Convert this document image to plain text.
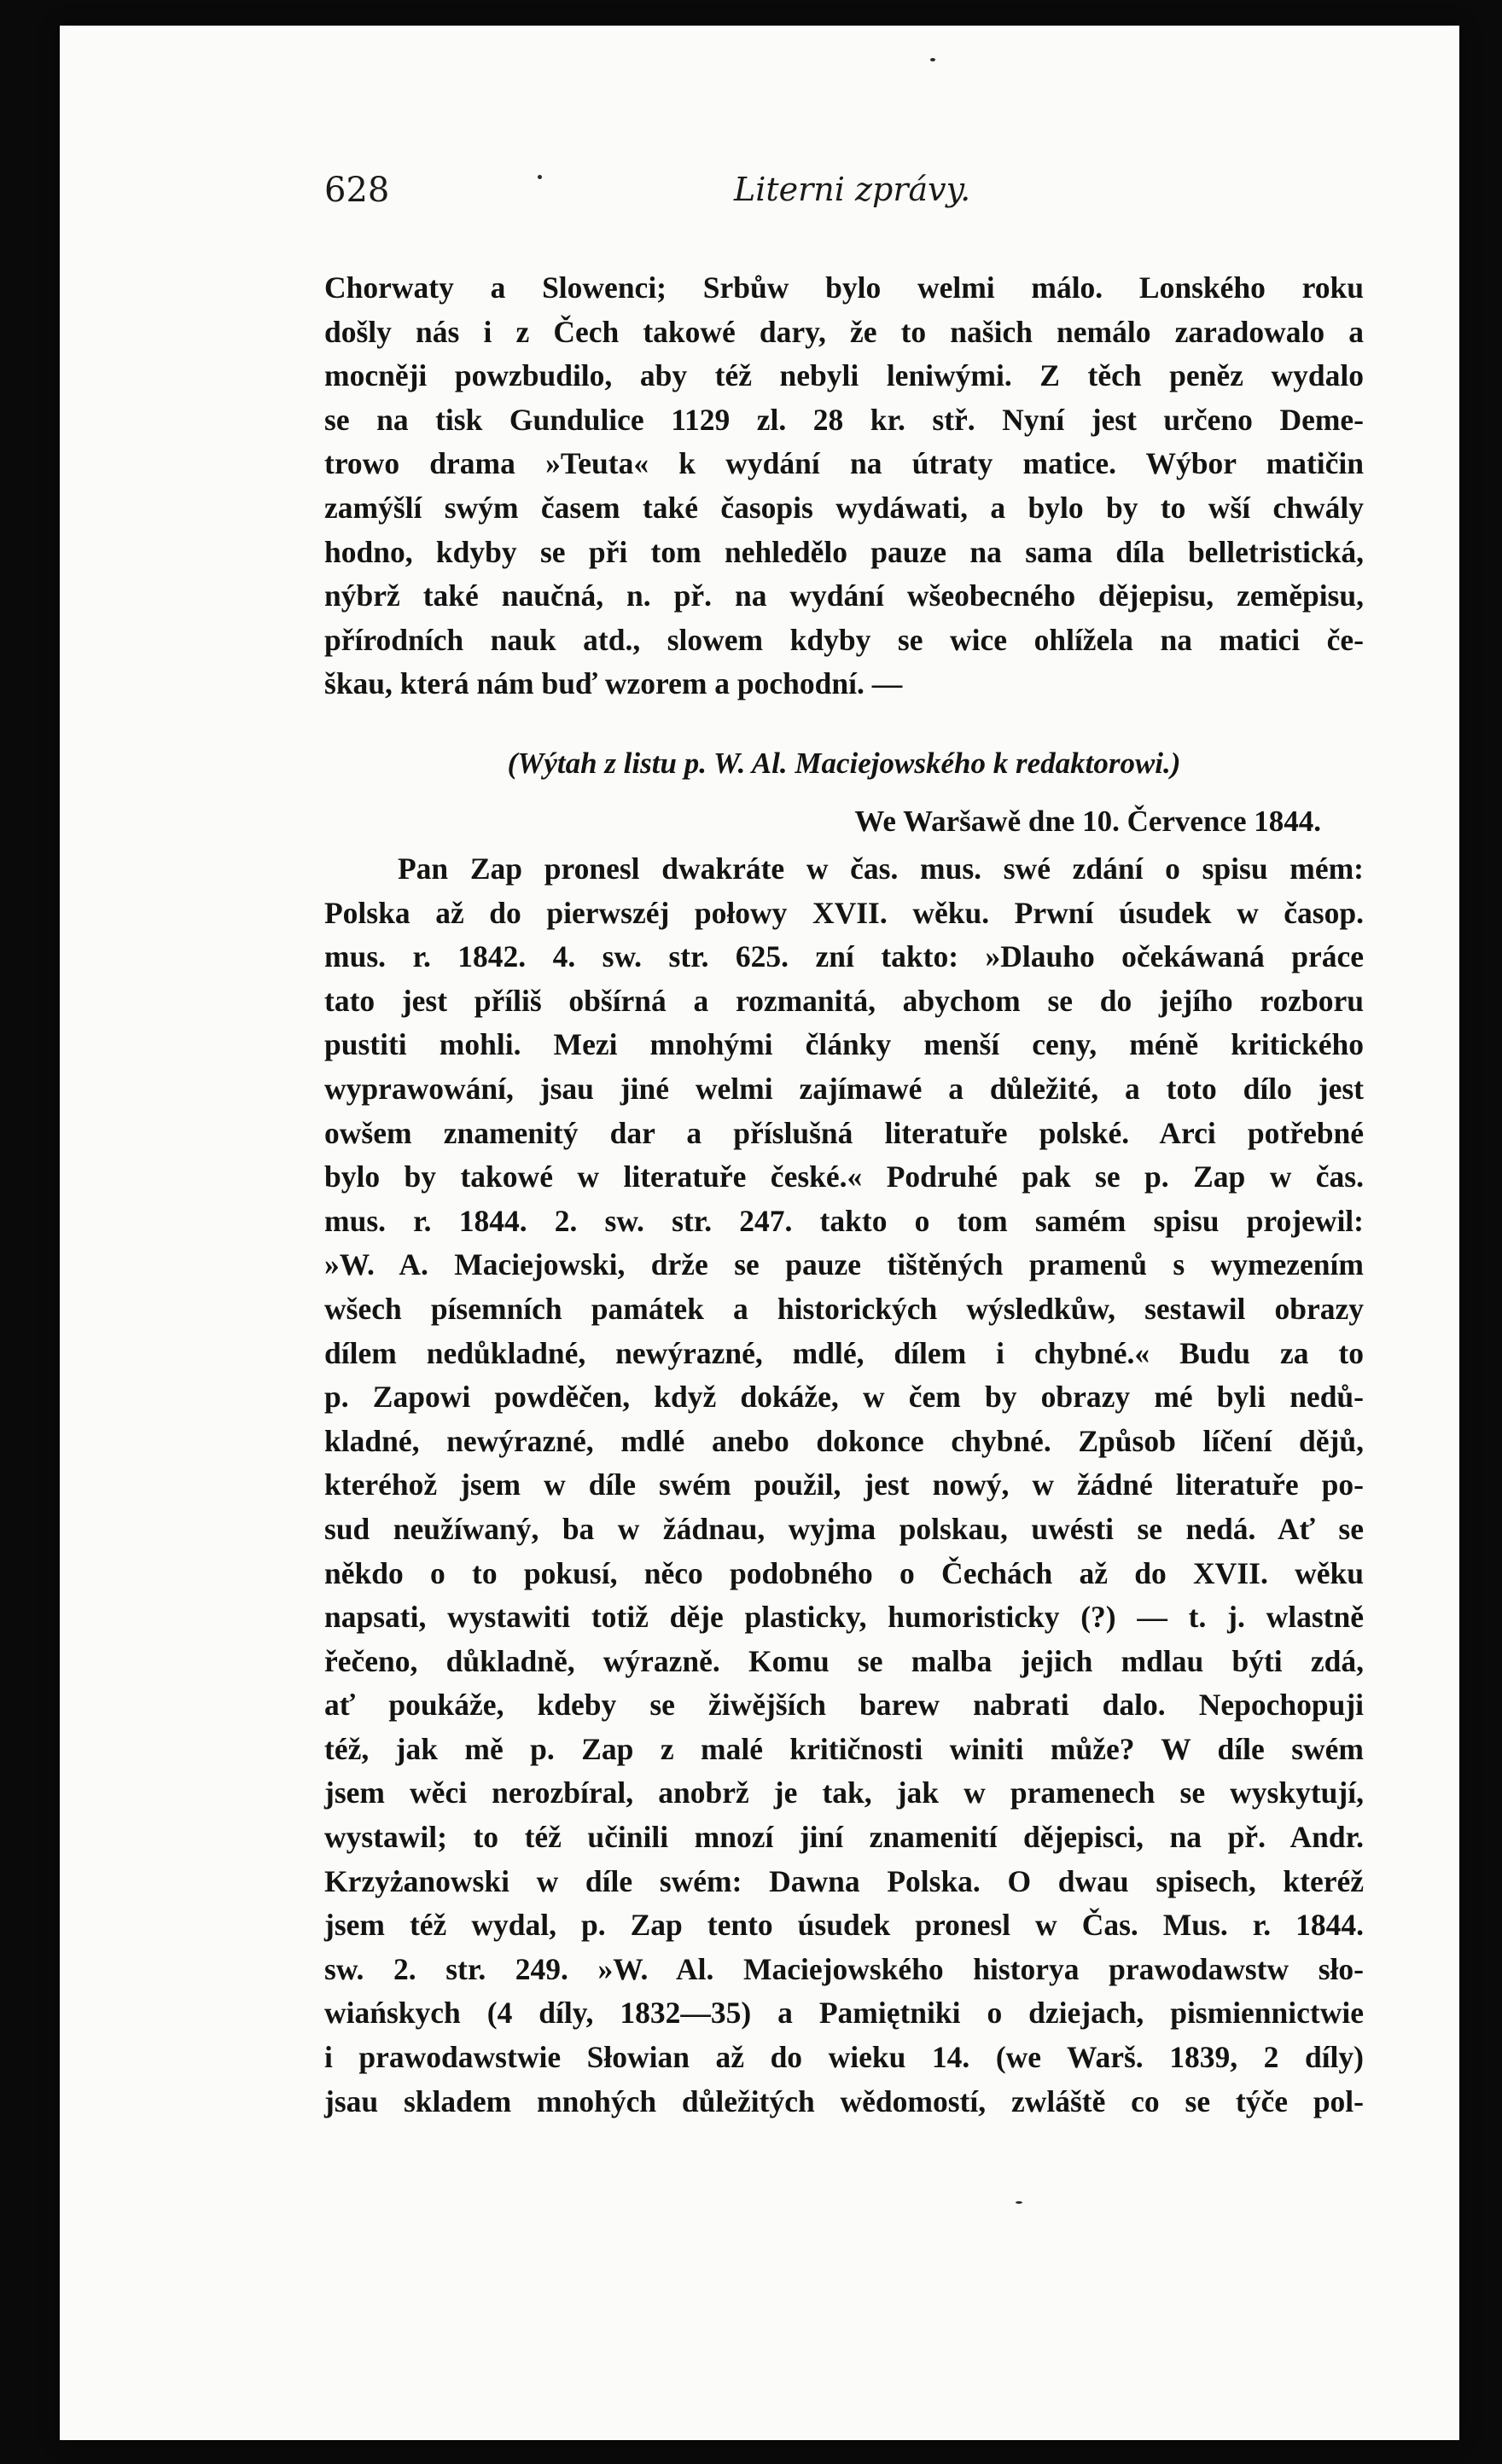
628	Literni zprávy.
Chorwaty a Slowenci; Srbůw bylo welmi málo. Lonského roku
došly nás i z Čech takowé dary, že to našich nemálo zaradowalo a
mocněji powzbudilo, aby též nebyli leniwými. Z těch peněz wydalo
se na tisk Gundulice 1129 zl. 28 kr. stř. Nyní jest určeno Deme-
trowo drama »Teuta« k wydání na útraty matice. Wýbor matičin
zamýšlí swým časem také časopis wydáwati, a bylo by to wší chwály
hodno, kdyby se při tom nehledělo pauze na sama díla belletristická,
nýbrž také naučná, n. př. na wydání wšeobecného dějepisu, zeměpisu,
přírodních nauk atd., slowem kdyby se wice ohlížela na matici če-
škau, která nám buď wzorem a pochodní. —
(Wýtah z listu p. W. Al. Maciejowského k redaktorowi.)
We Waršawě dne 10. Července 1844.
Pan Zap pronesl dwakráte w čas. mus. swé zdání o spisu mém:
Polska až do pierwszéj połowy XVII. wěku. Prwní úsudek w časop.
mus. r. 1842. 4. sw. str. 625. zní takto: »Dlauho očekáwaná práce
tato jest příliš obšírná a rozmanitá, abychom se do jejího rozboru
pustiti mohli. Mezi mnohými články menší ceny, méně kritického
wyprawowání, jsau jiné welmi zajímawé a důležité, a toto dílo jest
owšem znamenitý dar a příslušná literatuře polské. Arci potřebné
bylo by takowé w literatuře české.« Podruhé pak se p. Zap w čas.
mus. r. 1844. 2. sw. str. 247. takto o tom samém spisu projewil:
»W. A. Maciejowski, drže se pauze tištěných pramenů s wymezením
wšech písemních památek a historických wýsledkůw, sestawil obrazy
dílem nedůkladné, newýrazné, mdlé, dílem i chybné.« Budu za to
p. Zapowi powděčen, když dokáže, w čem by obrazy mé byli nedů-
kladné, newýrazné, mdlé anebo dokonce chybné. Způsob líčení dějů,
kteréhož jsem w díle swém použil, jest nowý, w žádné literatuře po-
sud neužíwaný, ba w žádnau, wyjma polskau, uwésti se nedá. Ať se
někdo o to pokusí, něco podobného o Čechách až do XVII. wěku
napsati, wystawiti totiž děje plasticky, humoristicky (?) — t. j. wlastně
řečeno, důkladně, wýrazně. Komu se malba jejich mdlau býti zdá,
ať poukáže, kdeby se žiwějších barew nabrati dalo. Nepochopuji
též, jak mě p. Zap z malé kritičnosti winiti může? W díle swém
jsem wěci nerozbíral, anobrž je tak, jak w pramenech se wyskytují,
wystawil; to též učinili mnozí jiní znamenití dějepisci, na př. Andr.
Krzyżanowski w díle swém: Dawna Polska. O dwau spisech, kteréž
jsem též wydal, p. Zap tento úsudek pronesl w Čas. Mus. r. 1844.
sw. 2. str. 249. »W. Al. Maciejowského historya prawodawstw sło-
wiańskych (4 díly, 1832—35) a Pamiętniki o dziejach, pismiennictwie
i prawodawstwie Słowian až do wieku 14. (we Warš. 1839, 2 díly)
jsau skladem mnohých důležitých wědomostí, zwláště co se týče pol-
